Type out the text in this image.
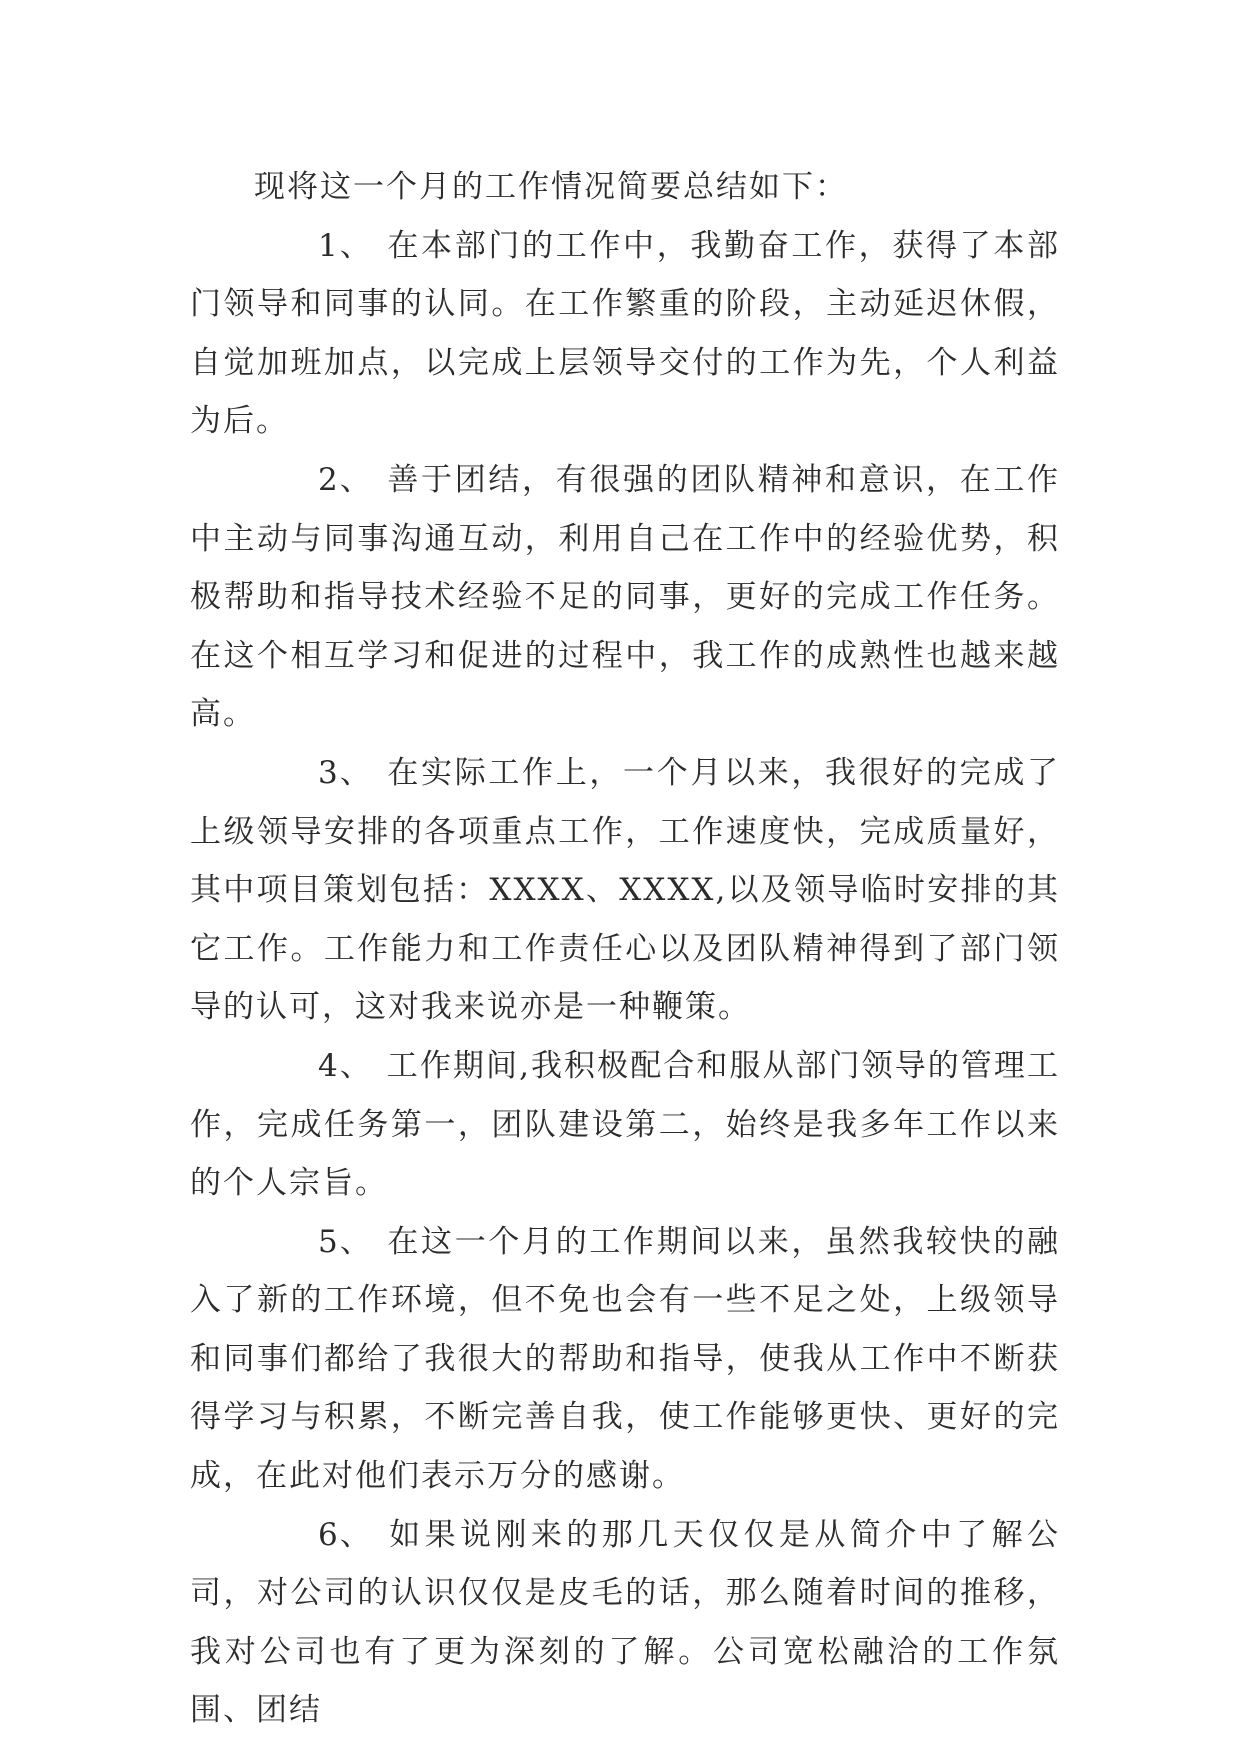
现将这一个月的工作情况简要总结如下：

1、 在本部门的工作中，我勤奋工作，获得了本部门领导和同事的认同。在工作繁重的阶段，主动延迟休假，自觉加班加点，以完成上层领导交付的工作为先，个人利益为后。

2、 善于团结，有很强的团队精神和意识，在工作中主动与同事沟通互动，利用自己在工作中的经验优势，积极帮助和指导技术经验不足的同事，更好的完成工作任务。在这个相互学习和促进的过程中，我工作的成熟性也越来越高。

3、 在实际工作上，一个月以来，我很好的完成了上级领导安排的各项重点工作，工作速度快，完成质量好，其中项目策划包括：XXXX、XXXX,以及领导临时安排的其它工作。工作能力和工作责任心以及团队精神得到了部门领导的认可，这对我来说亦是一种鞭策。

4、 工作期间,我积极配合和服从部门领导的管理工作，完成任务第一，团队建设第二，始终是我多年工作以来的个人宗旨。

5、 在这一个月的工作期间以来，虽然我较快的融入了新的工作环境，但不免也会有一些不足之处，上级领导和同事们都给了我很大的帮助和指导，使我从工作中不断获得学习与积累，不断完善自我，使工作能够更快、更好的完成，在此对他们表示万分的感谢。

6、 如果说刚来的那几天仅仅是从简介中了解公司，对公司的认识仅仅是皮毛的话，那么随着时间的推移，我对公司也有了更为深刻的了解。公司宽松融洽的工作氛围、团结
